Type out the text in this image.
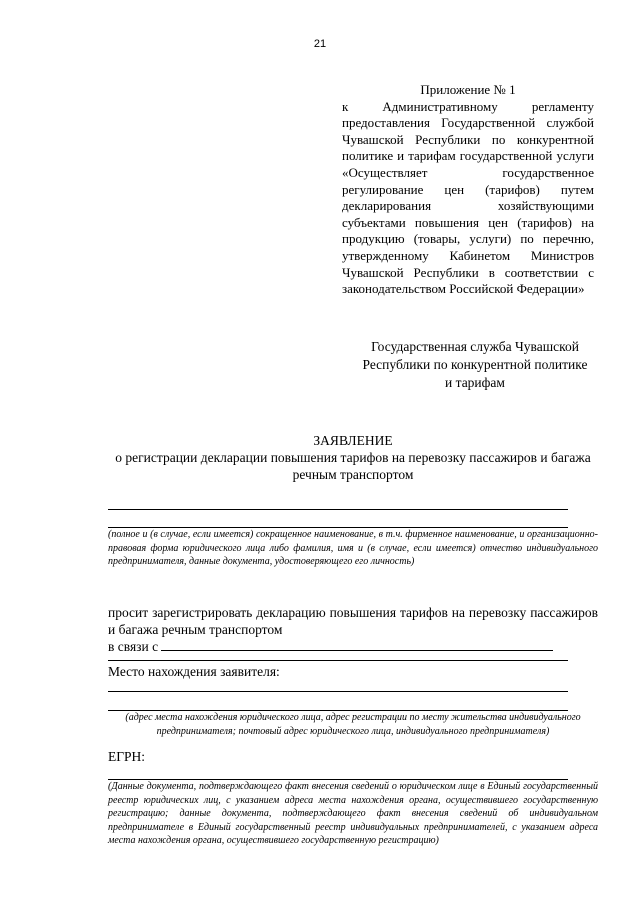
21
Приложение № 1
к Административному регламенту предоставления Государственной службой Чувашской Республики по конкурентной политике и тарифам государственной услуги «Осуществляет государственное регулирование цен (тарифов) путем декларирования хозяйствующими субъектами повышения цен (тарифов) на продукцию (товары, услуги) по перечню, утвержденному Кабинетом Министров Чувашской Республики в соответствии с законодательством Российской Федерации»
Государственная служба Чувашской
Республики по конкурентной политике
и тарифам
ЗАЯВЛЕНИЕ
о регистрации декларации повышения тарифов на перевозку пассажиров и багажа речным транспортом
(полное и (в случае, если имеется) сокращенное наименование, в т.ч. фирменное наименование, и организационно-правовая форма юридического лица либо фамилия, имя и (в случае, если имеется) отчество индивидуального предпринимателя, данные документа, удостоверяющего его личность)
просит зарегистрировать декларацию повышения тарифов на перевозку пассажиров и багажа речным транспортом
в связи с
Место нахождения заявителя:
(адрес места нахождения юридического лица, адрес регистрации по месту жительства индивидуального предпринимателя; почтовый адрес юридического лица, индивидуального предпринимателя)
ЕГРН:
(Данные документа, подтверждающего факт внесения сведений о юридическом лице в Единый государственный реестр юридических лиц, с указанием адреса места нахождения органа, осуществившего государственную регистрацию; данные документа, подтверждающего факт внесения сведений об индивидуальном предпринимателе в Единый государственный реестр индивидуальных предпринимателей, с указанием адреса места нахождения органа, осуществившего государственную регистрацию)
